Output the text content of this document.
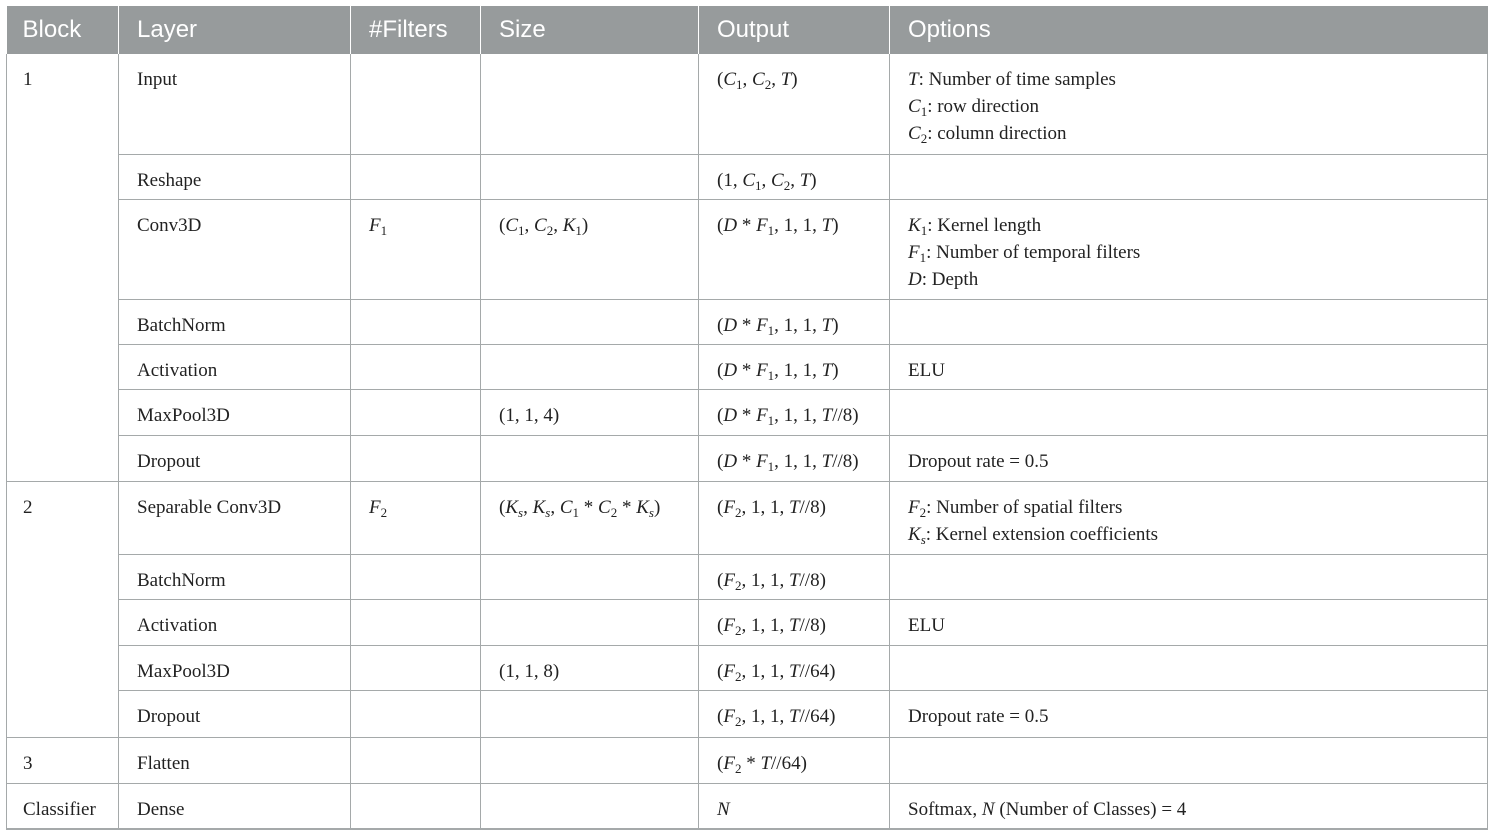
Block	Layer	#Filters	Size	Output	Options
1	Input			($C_1$, $C_2$, T)	T: Number of time samples
$C_1$: row direction
$C_2$: column direction

	Reshape			(1, $C_1$, $C_2$, T)	
	Conv3D	$F_1$	($C_1$, $C_2$, $K_1$)	($D * F_1$, 1, 1, T)	$K_1$: Kernel length
$F_1$: Number of temporal filters
D: Depth

	BatchNorm			($D * F_1$, 1, 1, T)	
	Activation			($D * F_1$, 1, 1, T)	ELU

	MaxPool3D		(1, 1, 4)	($D * F_1$, 1, 1, T//8)	
	Dropout			($D * F_1$, 1, 1, T//8)	Dropout rate = 0.5

2	Separable Conv3D	$F_2$	($K_s$, $K_s$, $C_1 * C_2 * K_s$)	($F_2$, 1, 1, T//8)	$F_2$: Number of spatial filters
$K_s$: Kernel extension coefficients

	BatchNorm			($F_2$, 1, 1, T//8)	
	Activation			($F_2$, 1, 1, T//8)	ELU

	MaxPool3D		(1, 1, 8)	($F_2$, 1, 1, T//64)	
	Dropout			($F_2$, 1, 1, T//64)	Dropout rate = 0.5

3	Flatten			$(F_2 * T//64)$	
Classifier	Dense			N	Softmax, N (Number of Classes) = 4
